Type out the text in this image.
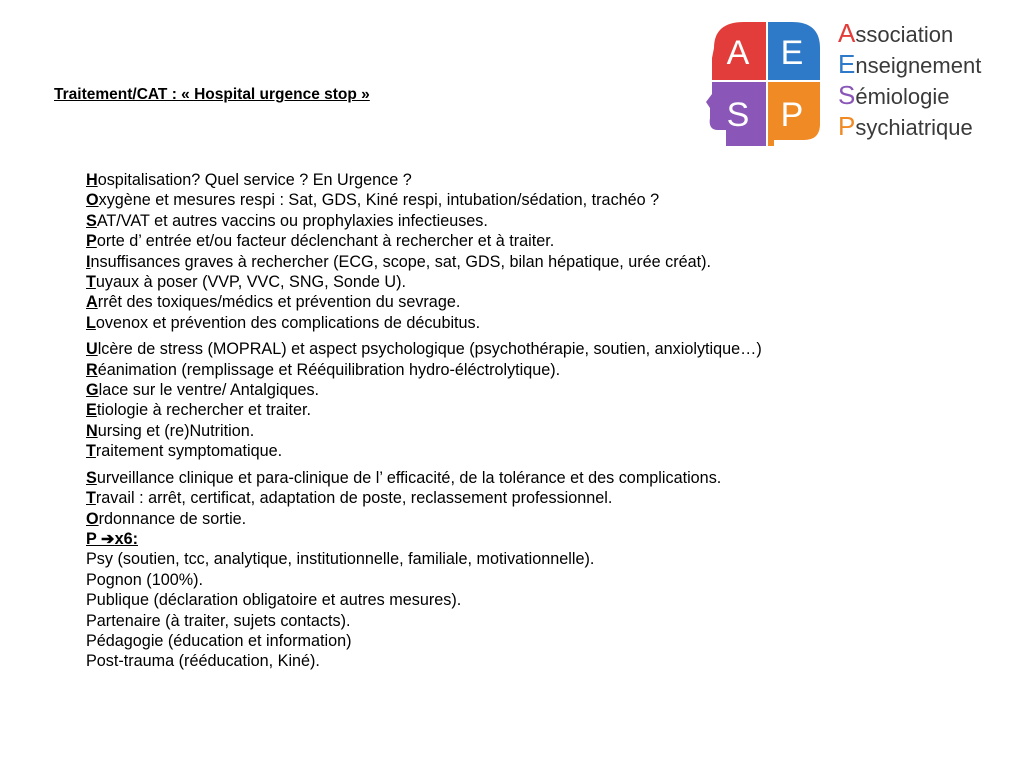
Traitement/CAT : « Hospital urgence stop »
A E
S P
Association
Enseignement
Sémiologie
Psychiatrique
Hospitalisation? Quel service ? En Urgence ?
Oxygène et mesures respi : Sat, GDS, Kiné respi, intubation/sédation, trachéo ?
SAT/VAT et autres vaccins ou prophylaxies infectieuses.
Porte d’ entrée et/ou facteur déclenchant à rechercher et à traiter.
Insuffisances graves à rechercher (ECG, scope, sat, GDS, bilan hépatique, urée créat).
Tuyaux à poser (VVP, VVC, SNG, Sonde U).
Arrêt des toxiques/médics et prévention du sevrage.
Lovenox et prévention des complications de décubitus.
Ulcère de stress (MOPRAL) et aspect psychologique (psychothérapie, soutien, anxiolytique…)
Réanimation (remplissage et Rééquilibration hydro-éléctrolytique).
Glace sur le ventre/ Antalgiques.
Etiologie à rechercher et traiter.
Nursing et (re)Nutrition.
Traitement symptomatique.
Surveillance clinique et para-clinique de l’ efficacité, de la tolérance et des complications.
Travail : arrêt, certificat, adaptation de poste, reclassement professionnel.
Ordonnance de sortie.
P ➔x6:
Psy (soutien, tcc, analytique, institutionnelle, familiale, motivationnelle).
Pognon (100%).
Publique (déclaration obligatoire et autres mesures).
Partenaire (à traiter, sujets contacts).
Pédagogie (éducation et information)
Post-trauma (rééducation, Kiné).
